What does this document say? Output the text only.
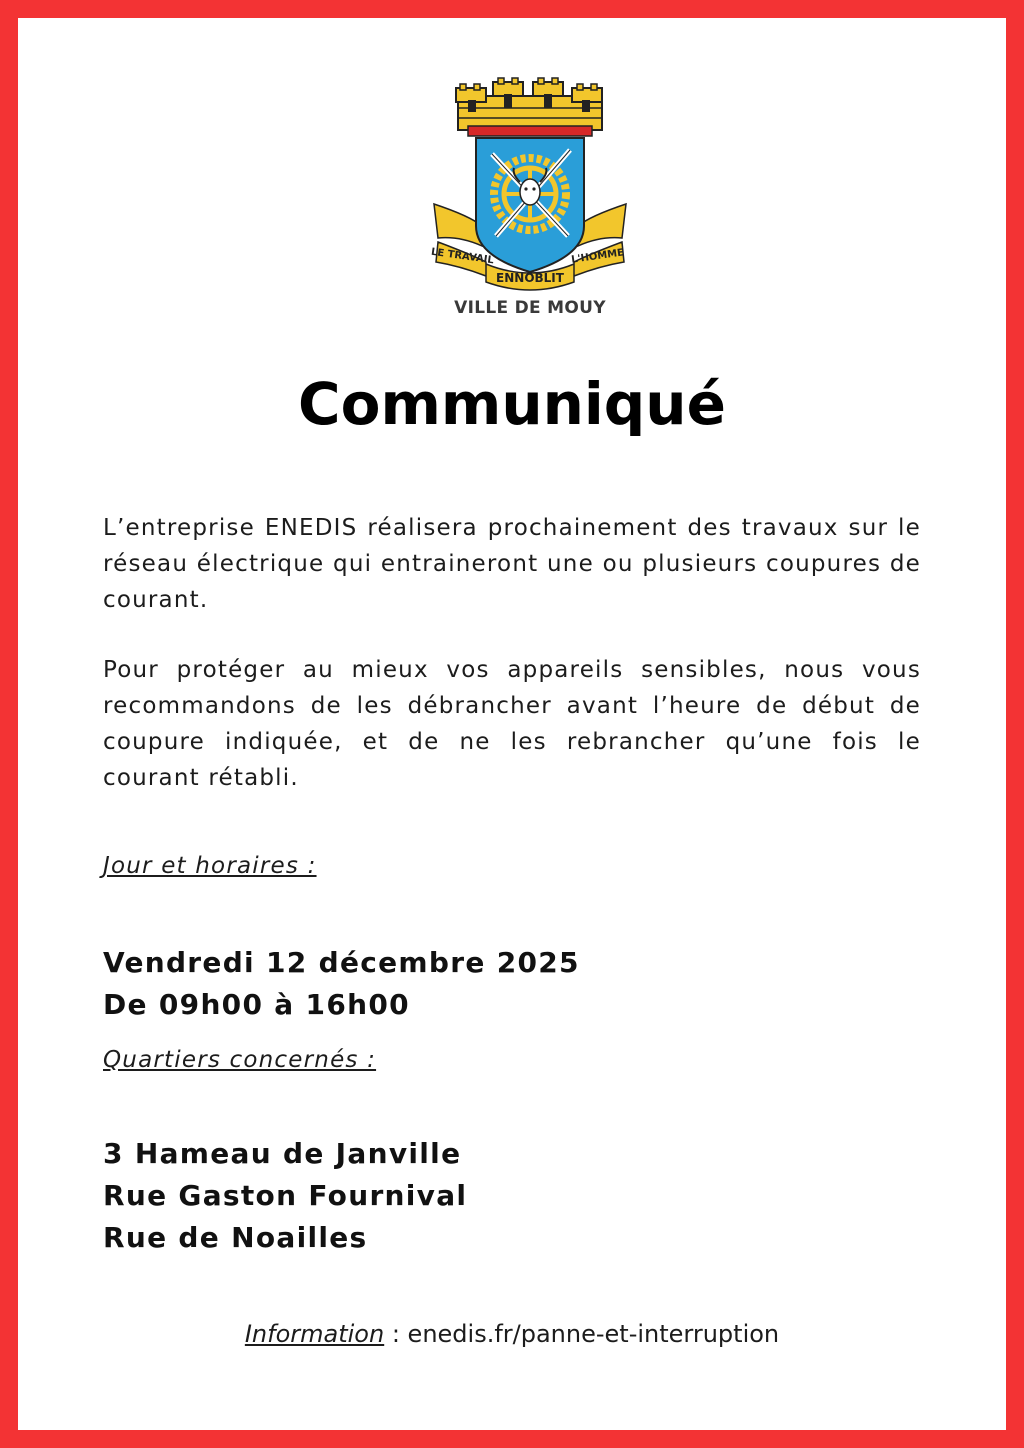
LE TRAVAIL	L'HOMME
ENNOBLIT
VILLE DE MOUY
Communiqué

L’entreprise ENEDIS réalisera prochainement des travaux sur le réseau électrique qui entraineront une ou plusieurs coupures de courant.

Pour protéger au mieux vos appareils sensibles, nous vous recommandons de les débrancher avant l’heure de début de coupure indiquée, et de ne les rebrancher qu’une fois le courant rétabli.

Jour et horaires :
Vendredi 12 décembre 2025
De 09h00 à 16h00
Quartiers concernés :
3 Hameau de Janville
Rue Gaston Fournival
Rue de Noailles
Information : enedis.fr/panne-et-interruption
